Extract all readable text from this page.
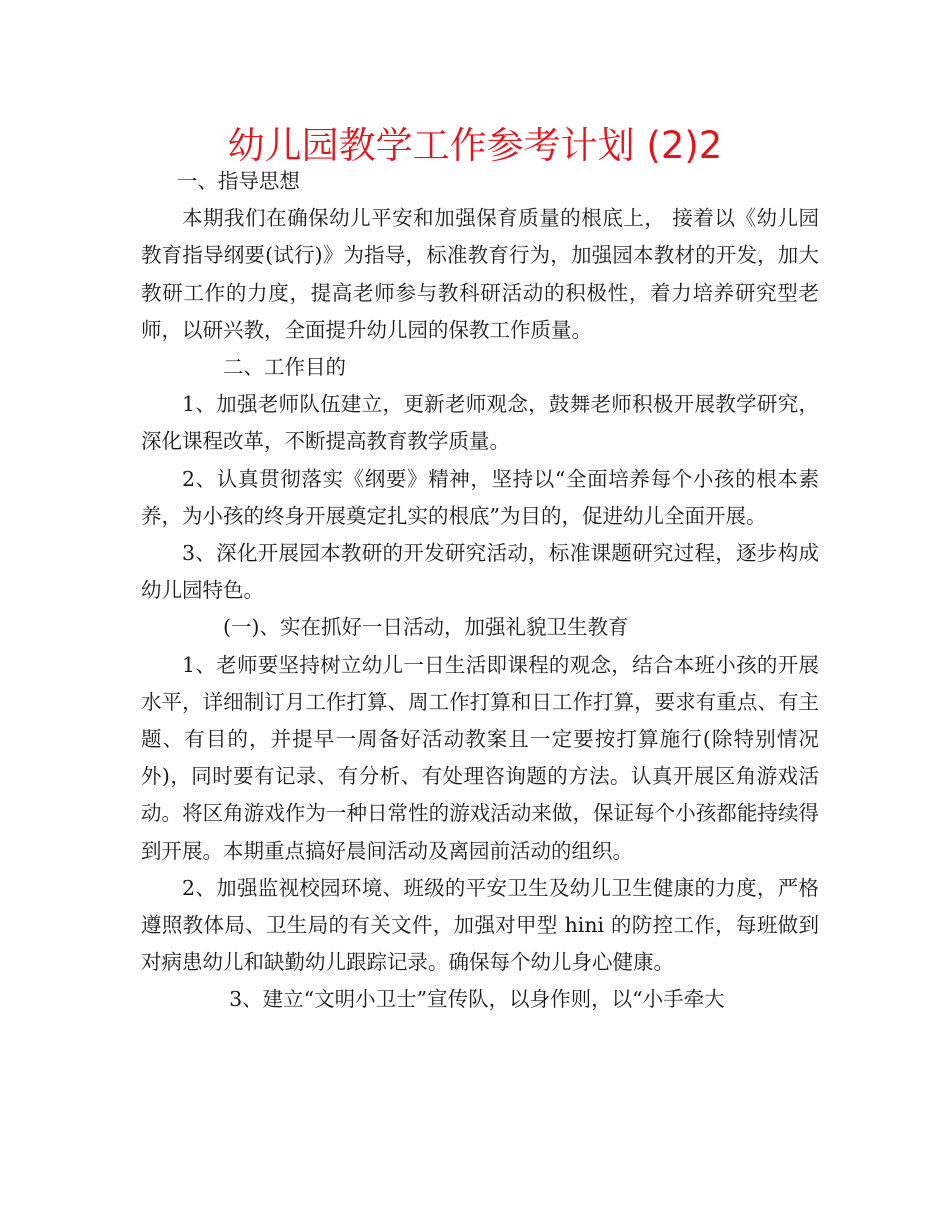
幼儿园教学工作参考计划 (2)2

一、指导思想

本期我们在确保幼儿平安和加强保育质量的根底上， 接着以《幼儿园教育指导纲要(试行)》为指导，标准教育行为，加强园本教材的开发，加大教研工作的力度，提高老师参与教科研活动的积极性，着力培养研究型老师，以研兴教，全面提升幼儿园的保教工作质量。

二、工作目的

1、加强老师队伍建立，更新老师观念，鼓舞老师积极开展教学研究，深化课程改革，不断提高教育教学质量。

2、认真贯彻落实《纲要》精神，坚持以“全面培养每个小孩的根本素养，为小孩的终身开展奠定扎实的根底”为目的，促进幼儿全面开展。

3、深化开展园本教研的开发研究活动，标准课题研究过程，逐步构成幼儿园特色。

(一)、实在抓好一日活动，加强礼貌卫生教育

1、老师要坚持树立幼儿一日生活即课程的观念，结合本班小孩的开展水平，详细制订月工作打算、周工作打算和日工作打算，要求有重点、有主题、有目的，并提早一周备好活动教案且一定要按打算施行(除特别情况外)，同时要有记录、有分析、有处理咨询题的方法。认真开展区角游戏活动。将区角游戏作为一种日常性的游戏活动来做，保证每个小孩都能持续得到开展。本期重点搞好晨间活动及离园前活动的组织。

2、加强监视校园环境、班级的平安卫生及幼儿卫生健康的力度，严格遵照教体局、卫生局的有关文件，加强对甲型 hini 的防控工作，每班做到对病患幼儿和缺勤幼儿跟踪记录。确保每个幼儿身心健康。

3、建立“文明小卫士”宣传队，以身作则，以“小手牵大
